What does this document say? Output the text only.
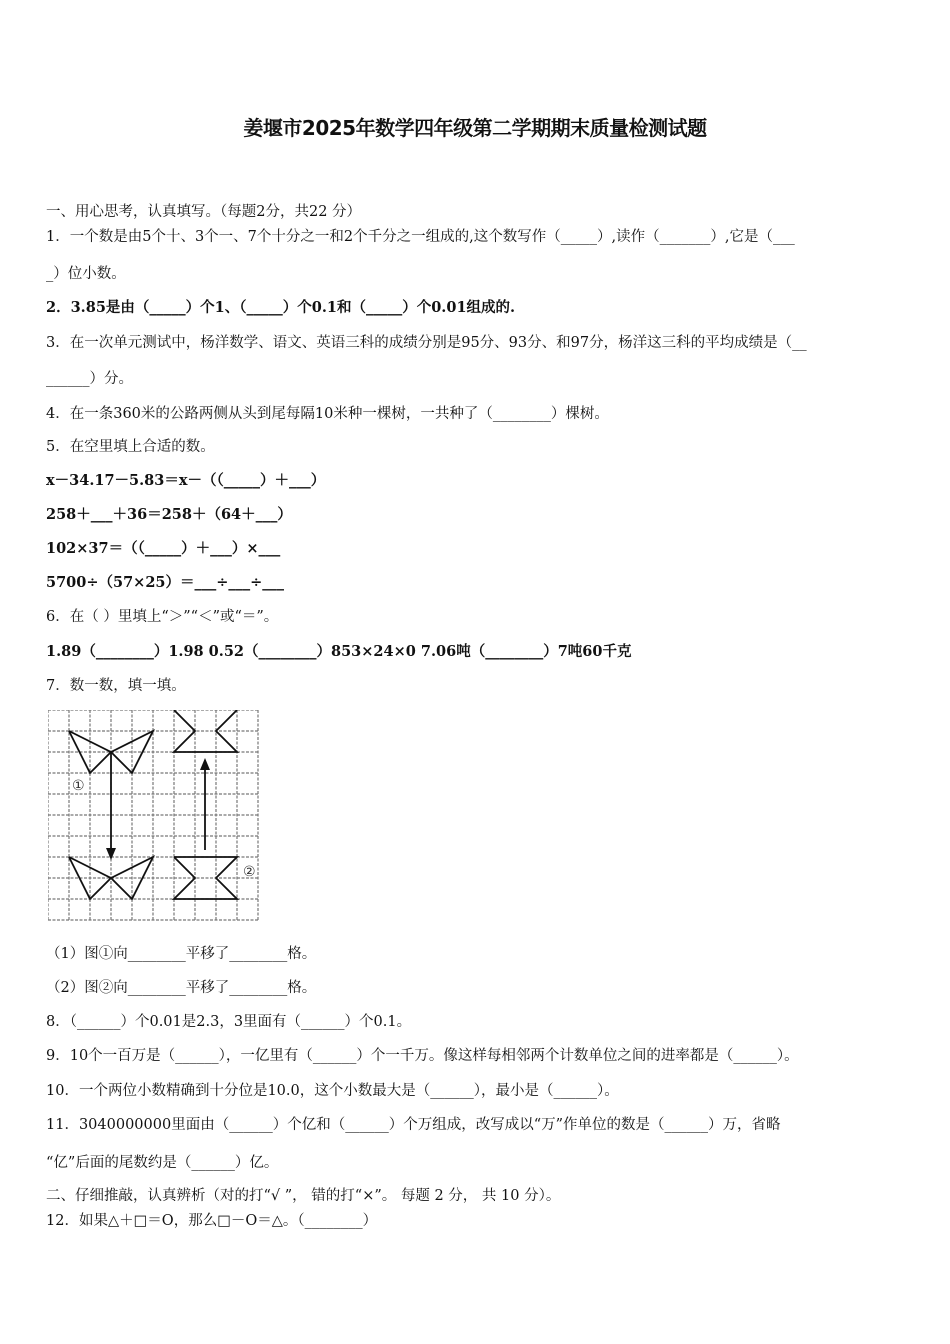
姜堰市2025年数学四年级第二学期期末质量检测试题
一、用心思考，认真填写。（每题2分，共22 分）
1．一个数是由5个十、3个一、7个十分之一和2个千分之一组成的,这个数写作（_____）,读作（_______）,它是（___
_）位小数。
2．3.85是由（_____）个1、（_____）个0.1和（_____）个0.01组成的.
3．在一次单元测试中，杨洋数学、语文、英语三科的成绩分别是95分、93分、和97分，杨洋这三科的平均成绩是（__
______）分。
4．在一条360米的公路两侧从头到尾每隔10米种一棵树，一共种了（________）棵树。
5．在空里填上合适的数。
x－34.17－5.83＝x－（（_____）＋___）
258＋___＋36＝258＋（64＋___）
102×37＝（（_____）＋___）×___
5700÷（57×25）＝___÷___÷___
6．在（ ）里填上“＞”“＜”或“＝”。
1.89（________）1.98 0.52（________）853×24×0 7.06吨（________）7吨60千克
7．数一数，填一填。
①
②
（1）图①向________平移了________格。
（2）图②向________平移了________格。
8．（______）个0.01是2.3，3里面有（______）个0.1。
9．10个一百万是（______），一亿里有（______）个一千万。像这样每相邻两个计数单位之间的进率都是（______）。
10．一个两位小数精确到十分位是10.0，这个小数最大是（______），最小是（______）。
11．3040000000里面由（______）个亿和（______）个万组成，改写成以“万”作单位的数是（______）万，省略
“亿”后面的尾数约是（______）亿。
二、仔细推敲，认真辨析（对的打“√ ”， 错的打“×”。 每题 2 分， 共 10 分）。
12．如果△＋□＝O，那么□－O＝△。（________）
